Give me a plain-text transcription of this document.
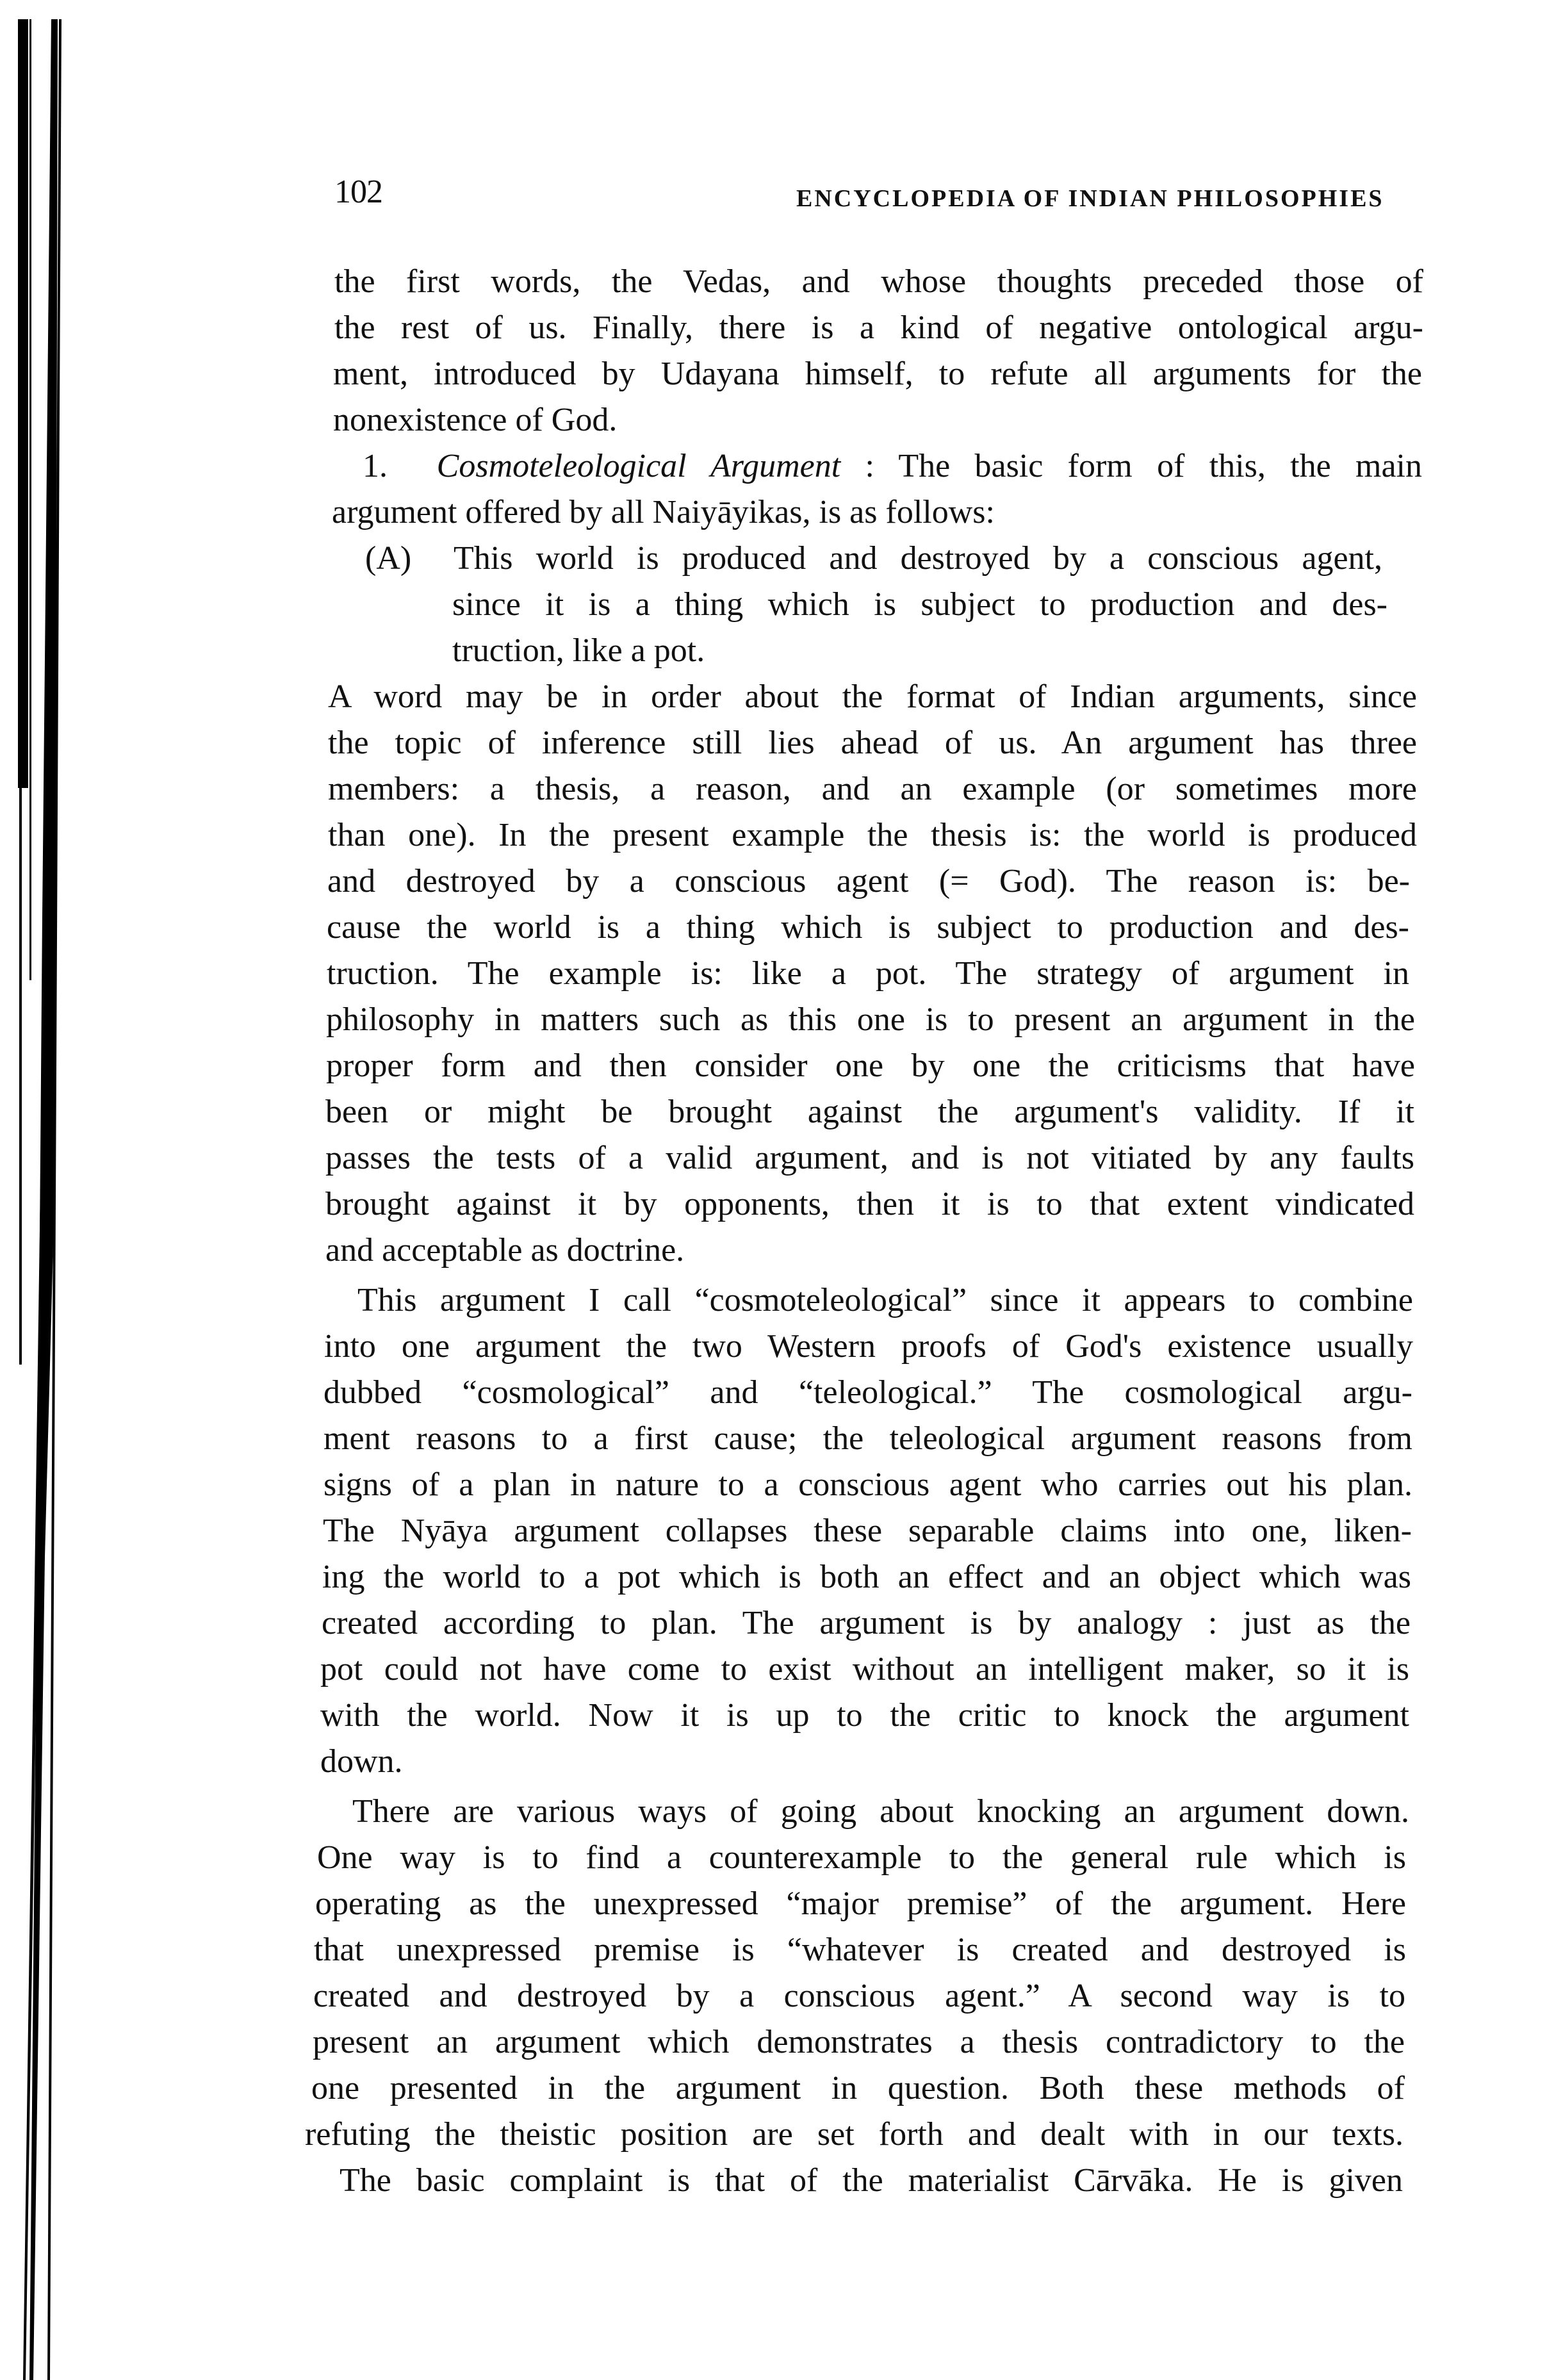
102	ENCYCLOPEDIA OF INDIAN PHILOSOPHIES
the first words, the Vedas, and whose thoughts preceded those of
the rest of us. Finally, there is a kind of negative ontological argu-
ment, introduced by Udayana himself, to refute all arguments for the
nonexistence of God.
1.  Cosmoteleological Argument : The basic form of this, the main
argument offered by all Naiyāyikas, is as follows:
(A) This world is produced and destroyed by a conscious agent,
since it is a thing which is subject to production and des-
truction, like a pot.
A word may be in order about the format of Indian arguments, since
the topic of inference still lies ahead of us. An argument has three
members: a thesis, a reason, and an example (or sometimes more
than one). In the present example the thesis is: the world is produced
and destroyed by a conscious agent (= God). The reason is: be-
cause the world is a thing which is subject to production and des-
truction. The example is: like a pot. The strategy of argument in
philosophy in matters such as this one is to present an argument in the
proper form and then consider one by one the criticisms that have
been or might be brought against the argument's validity. If it
passes the tests of a valid argument, and is not vitiated by any faults
brought against it by opponents, then it is to that extent vindicated
and acceptable as doctrine.
This argument I call “cosmoteleological” since it appears to combine
into one argument the two Western proofs of God's existence usually
dubbed “cosmological” and “teleological.” The cosmological argu-
ment reasons to a first cause; the teleological argument reasons from
signs of a plan in nature to a conscious agent who carries out his plan.
The Nyāya argument collapses these separable claims into one, liken-
ing the world to a pot which is both an effect and an object which was
created according to plan. The argument is by analogy : just as the
pot could not have come to exist without an intelligent maker, so it is
with the world. Now it is up to the critic to knock the argument
down.
There are various ways of going about knocking an argument down.
One way is to find a counterexample to the general rule which is
operating as the unexpressed “major premise” of the argument. Here
that unexpressed premise is “whatever is created and destroyed is
created and destroyed by a conscious agent.” A second way is to
present an argument which demonstrates a thesis contradictory to the
one presented in the argument in question. Both these methods of
refuting the theistic position are set forth and dealt with in our texts.
The basic complaint is that of the materialist Cārvāka. He is given
